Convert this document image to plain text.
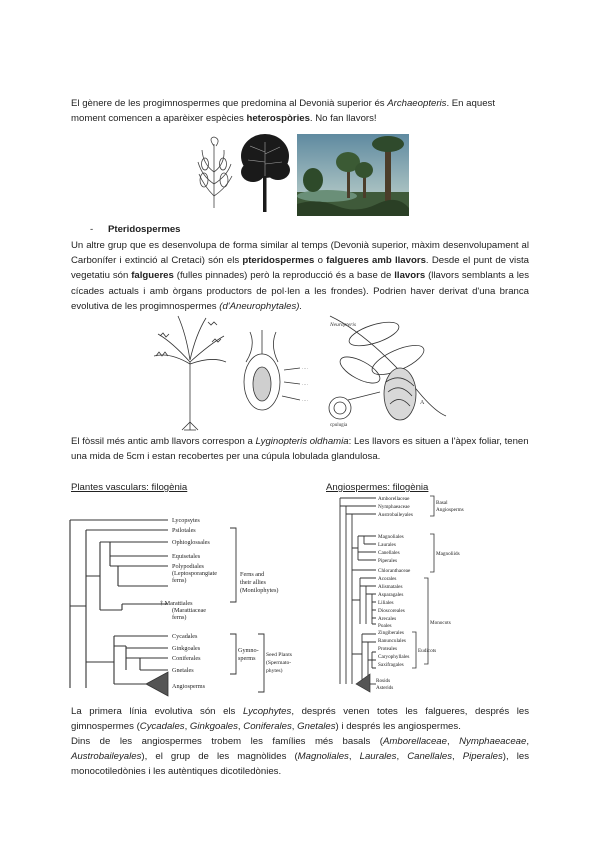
El gènere de les progimnospermes que predomina al Devonià superior és Archaeopteris. En aquest moment comencen a aparèixer espècies heterospòries. No fan llavors!

- Pteridospermes

Un altre grup que es desenvolupa de forma similar al temps (Devonià superior, màxim desenvolupament al Carbonífer i extinció al Cretaci) són els pteridospermes o falgueres amb llavors. Desde el punt de vista vegetatiu són falgueres (fulles pinnades) però la reproducció és a base de llavors (llavors semblants a les cícades actuals i amb òrgans productors de pol·len a les frondes). Podrien haver derivat d'una branca evolutiva de les progimnospermes (d'Aneurophytales).

····
····
····
Neuropteris
A
cpulugia

El fòssil més antic amb llavors correspon a Lyginopteris oldhamia: Les llavors es situen a l'àpex foliar, tenen una mida de 5cm i estan recobertes per una cúpula lobulada glandulosa.

Plantes vasculars: filogènia	Angiospermes: filogènia
Lycopsytes
Psilotales
Ophioglossales
Equisetales
Polypodiales
(Leptosporangiate
ferns)
† Marattiales
(Marattiaceae
ferns)
Cycadales
Ginkgoales
Coniferales
Gnetales
Angiosperms
Ferns and
their allies
(Monilophytes)
Gymno-
sperms Seed Plants
(Spermato-
phytes)
Amborellaceae
Nymphaeaceae
Austrobaileyales
Magnoliales
Laurales
Canellales
Piperales
Chloranthaceae
Acorales
Alismatales
Asparagales
Liliales
Dioscoreales
Arecales
Poales
Zingiberales
Ranunculales
Proteales
Caryophyllales
Saxifragales
Rosids
Asterids
Basal
Angiosperms
Magnoliids
Monocots
Eudicots

La primera línia evolutiva són els Lycophytes, després venen totes les falgueres, després les gimnospermes (Cycadales, Ginkgoales, Coniferales, Gnetales) i després les angiospermes.

Dins de les angiospermes trobem les famílies més basals (Amborellaceae, Nymphaeaceae, Austrobaileyales), el grup de les magnòlides (Magnoliales, Laurales, Canellales, Piperales), les monocotiledònies i les autèntiques dicotiledònies.
